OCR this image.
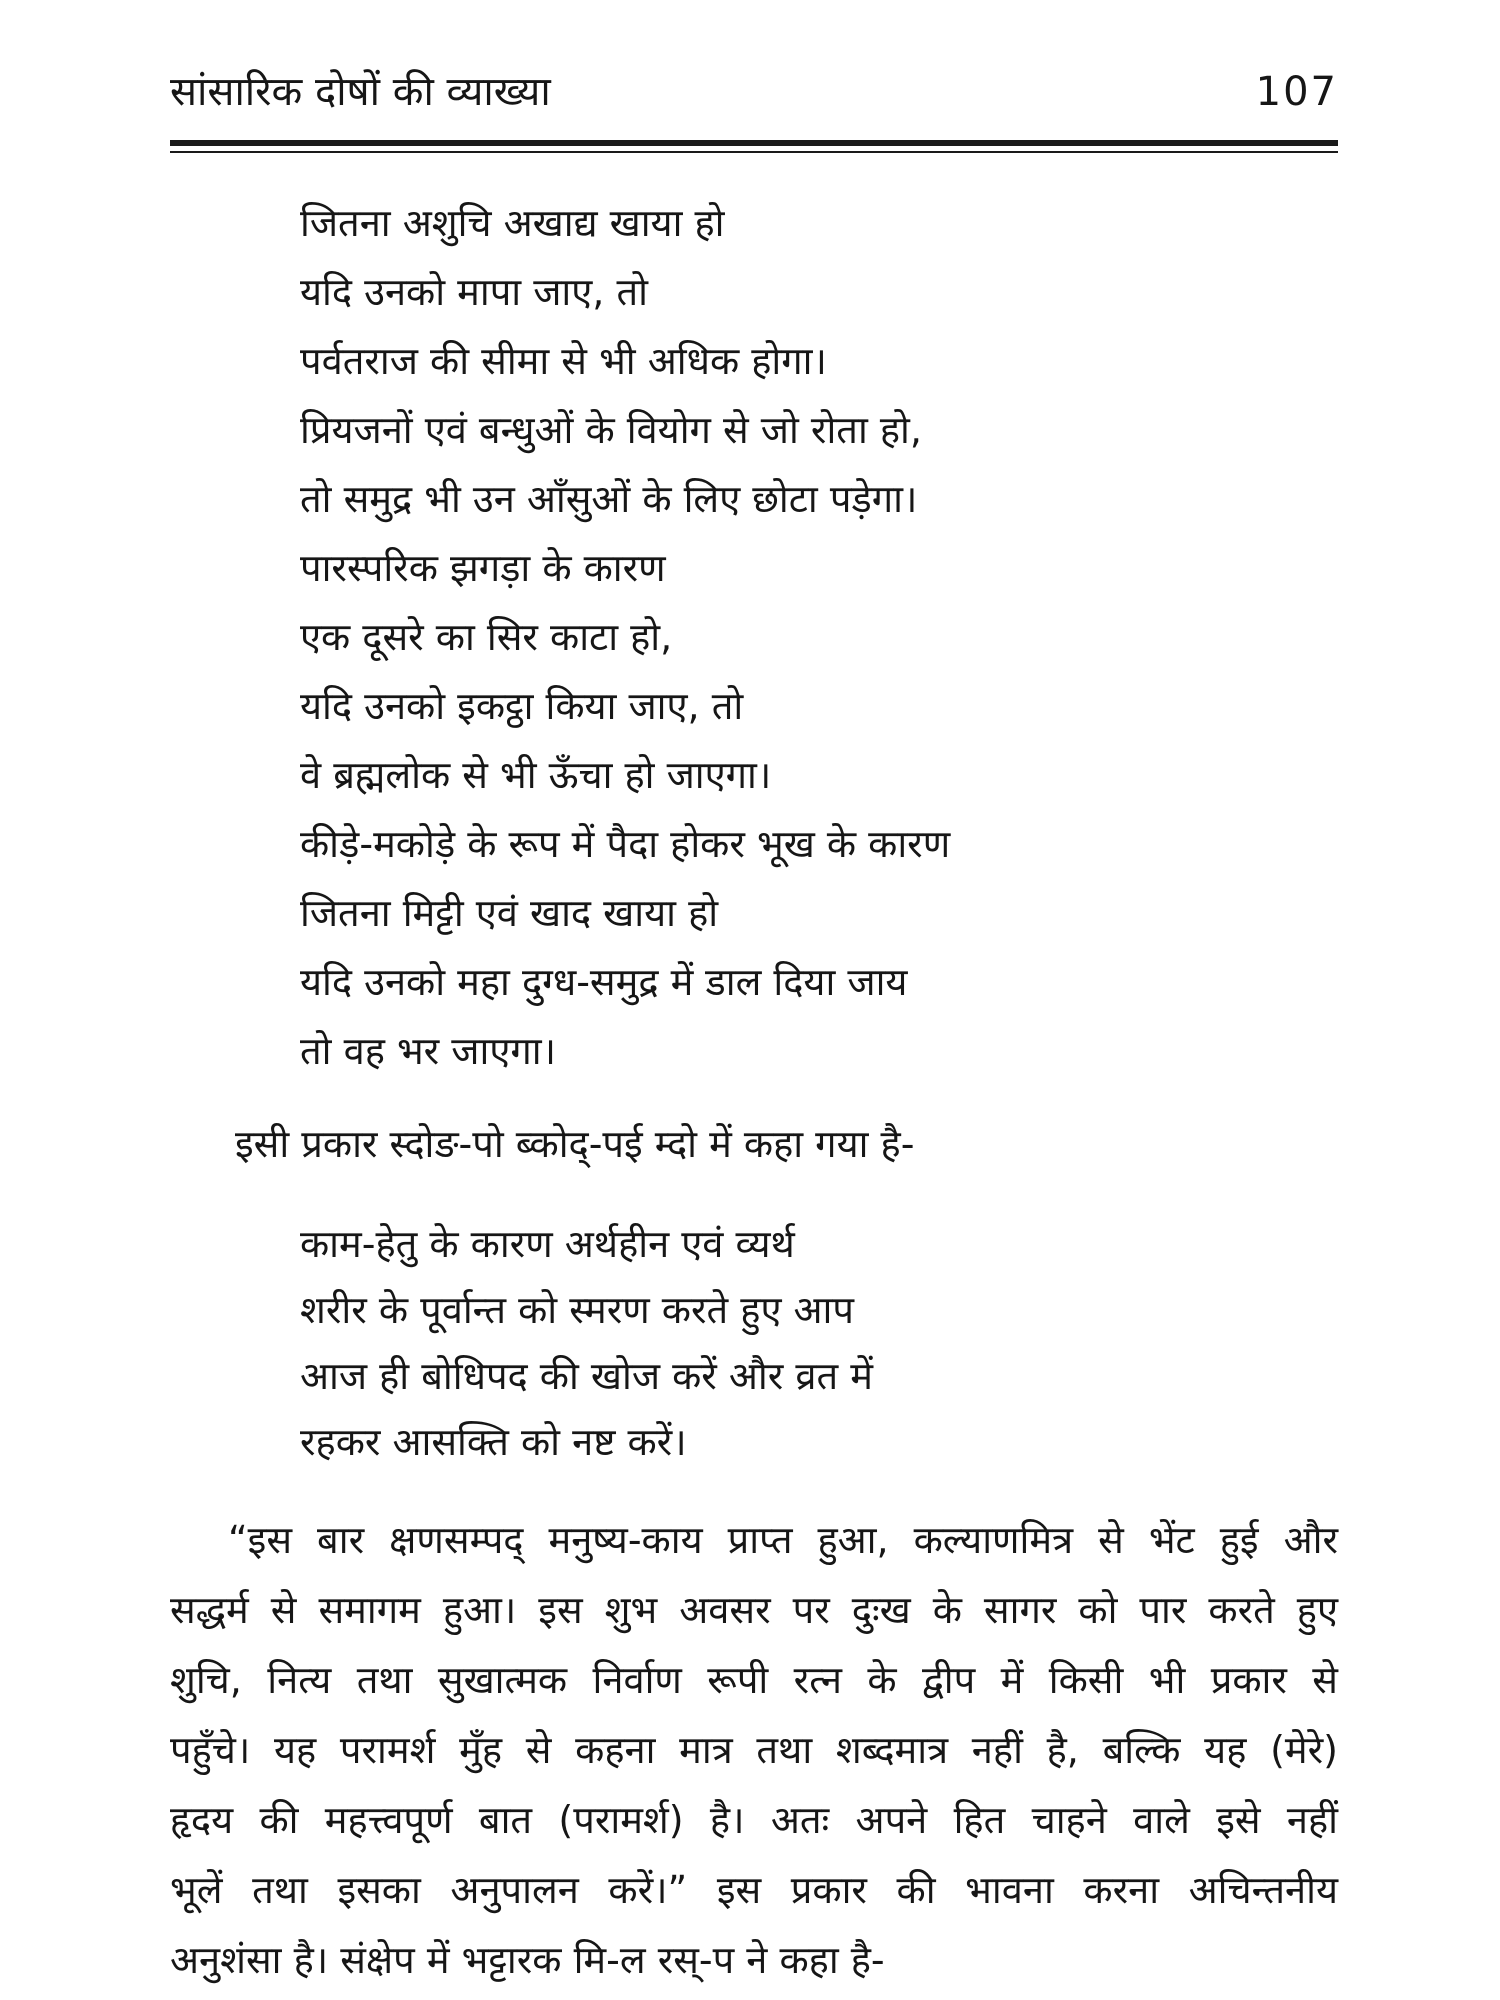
सांसारिक दोषों की व्याख्या	107
जितना अशुचि अखाद्य खाया हो
यदि उनको मापा जाए, तो
पर्वतराज की सीमा से भी अधिक होगा।
प्रियजनों एवं बन्धुओं के वियोग से जो रोता हो,
तो समुद्र भी उन आँसुओं के लिए छोटा पड़ेगा।
पारस्परिक झगड़ा के कारण
एक दूसरे का सिर काटा हो,
यदि उनको इकट्ठा किया जाए, तो
वे ब्रह्मलोक से भी ऊँचा हो जाएगा।
कीड़े-मकोड़े के रूप में पैदा होकर भूख के कारण
जितना मिट्टी एवं खाद खाया हो
यदि उनको महा दुग्ध-समुद्र में डाल दिया जाय
तो वह भर जाएगा।
इसी प्रकार स्दोङ-पो ब्कोद्-पई म्दो में कहा गया है-
काम-हेतु के कारण अर्थहीन एवं व्यर्थ
शरीर के पूर्वान्त को स्मरण करते हुए आप
आज ही बोधिपद की खोज करें और व्रत में
रहकर आसक्ति को नष्ट करें।
“इस बार क्षणसम्पद् मनुष्य-काय प्राप्त हुआ, कल्याणमित्र से भेंट हुई और
सद्धर्म से समागम हुआ। इस शुभ अवसर पर दुःख के सागर को पार करते हुए
शुचि, नित्य तथा सुखात्मक निर्वाण रूपी रत्न के द्वीप में किसी भी प्रकार से
पहुँचे। यह परामर्श मुँह से कहना मात्र तथा शब्दमात्र नहीं है, बल्कि यह (मेरे)
हृदय की महत्त्वपूर्ण बात (परामर्श) है। अतः अपने हित चाहने वाले इसे नहीं
भूलें तथा इसका अनुपालन करें।” इस प्रकार की भावना करना अचिन्तनीय
अनुशंसा है। संक्षेप में भट्टारक मि-ल रस्-प ने कहा है-
